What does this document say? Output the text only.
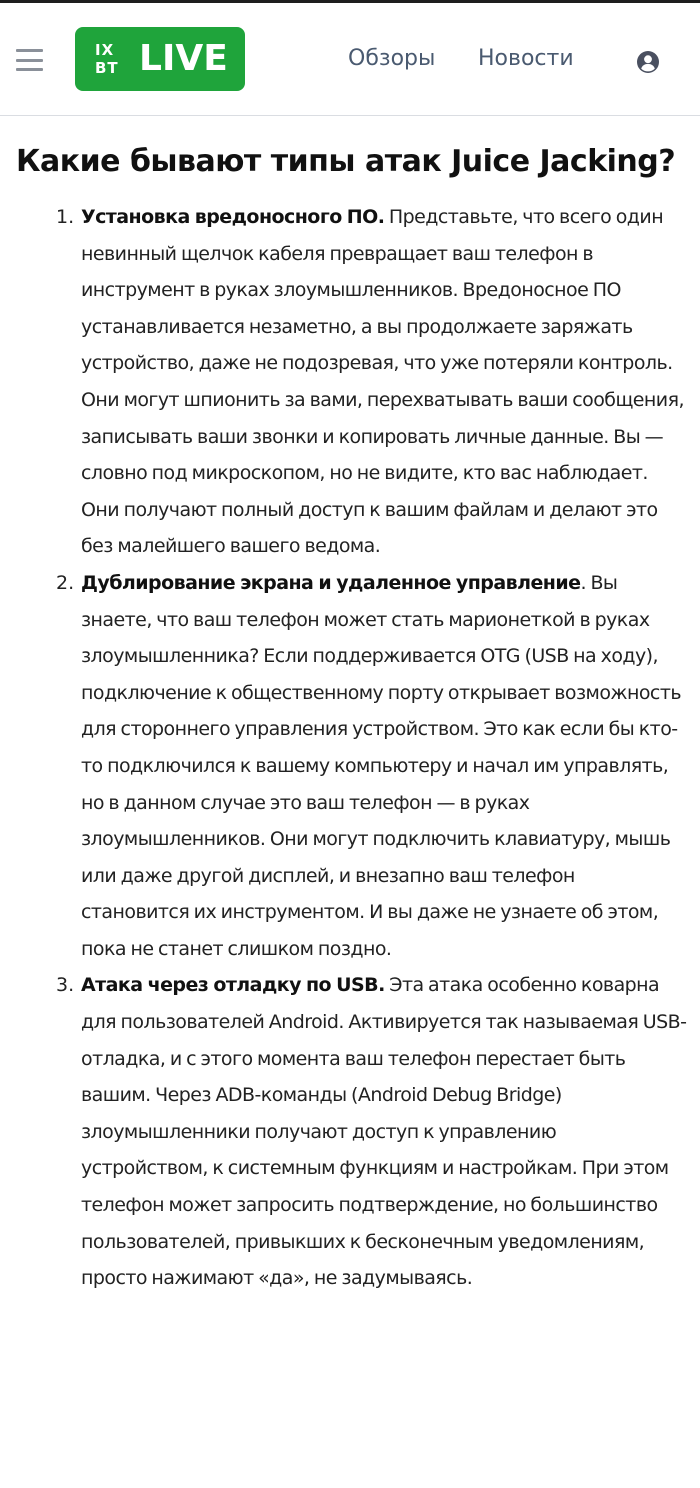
IX
BT LIVE	Обзоры Новости
Какие бывают типы атак Juice Jacking?
1. Установка вредоносного ПО. Представьте, что всего один невинный щелчок кабеля превращает ваш телефон в инструмент в руках злоумышленников. Вредоносное ПО устанавливается незаметно, а вы продолжаете заряжать устройство, даже не подозревая, что уже потеряли контроль. Они могут шпионить за вами, перехватывать ваши сообщения, записывать ваши звонки и копировать личные данные. Вы — словно под микроскопом, но не видите, кто вас наблюдает. Они получают полный доступ к вашим файлам и делают это без малейшего вашего ведома.

2. Дублирование экрана и удаленное управление. Вы знаете, что ваш телефон может стать марионеткой в руках злоумышленника? Если поддерживается OTG (USB на ходу), подключение к общественному порту открывает возможность для стороннего управления устройством. Это как если бы кто-то подключился к вашему компьютеру и начал им управлять, но в данном случае это ваш телефон — в руках злоумышленников. Они могут подключить клавиатуру, мышь или даже другой дисплей, и внезапно ваш телефон становится их инструментом. И вы даже не узнаете об этом, пока не станет слишком поздно.

3. Атака через отладку по USB. Эта атака особенно коварна для пользователей Android. Активируется так называемая USB-отладка, и с этого момента ваш телефон перестает быть вашим. Через ADB-команды (Android Debug Bridge) злоумышленники получают доступ к управлению устройством, к системным функциям и настройкам. При этом телефон может запросить подтверждение, но большинство пользователей, привыкших к бесконечным уведомлениям, просто нажимают «да», не задумываясь.
